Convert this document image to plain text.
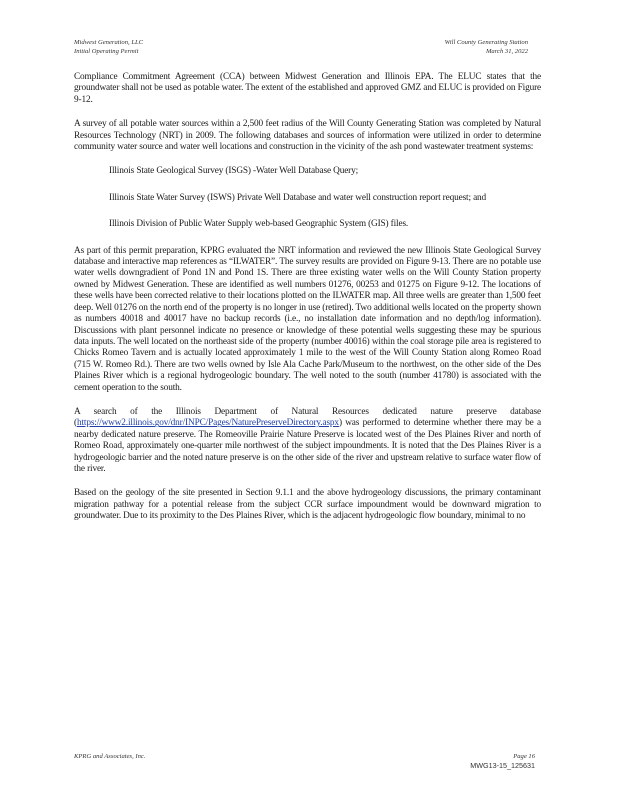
Midwest Generation, LLC
Initial Operating Permit
Will County Generating Station
March 31, 2022

Compliance Commitment Agreement (CCA) between Midwest Generation and Illinois EPA. The ELUC states that the groundwater shall not be used as potable water. The extent of the established and approved GMZ and ELUC is provided on Figure 9-12.

A survey of all potable water sources within a 2,500 feet radius of the Will County Generating Station was completed by Natural Resources Technology (NRT) in 2009. The following databases and sources of information were utilized in order to determine community water source and water well locations and construction in the vicinity of the ash pond wastewater treatment systems:

Illinois State Geological Survey (ISGS) -Water Well Database Query;
Illinois State Water Survey (ISWS) Private Well Database and water well construction report request; and
Illinois Division of Public Water Supply web-based Geographic System (GIS) files.

As part of this permit preparation, KPRG evaluated the NRT information and reviewed the new Illinois State Geological Survey database and interactive map references as “ILWATER”. The survey results are provided on Figure 9-13. There are no potable use water wells downgradient of Pond 1N and Pond 1S. There are three existing water wells on the Will County Station property owned by Midwest Generation. These are identified as well numbers 01276, 00253 and 01275 on Figure 9-12. The locations of these wells have been corrected relative to their locations plotted on the ILWATER map. All three wells are greater than 1,500 feet deep. Well 01276 on the north end of the property is no longer in use (retired). Two additional wells located on the property shown as numbers 40018 and 40017 have no backup records (i.e., no installation date information and no depth/log information). Discussions with plant personnel indicate no presence or knowledge of these potential wells suggesting these may be spurious data inputs. The well located on the northeast side of the property (number 40016) within the coal storage pile area is registered to Chicks Romeo Tavern and is actually located approximately 1 mile to the west of the Will County Station along Romeo Road (715 W. Romeo Rd.). There are two wells owned by Isle Ala Cache Park/Museum to the northwest, on the other side of the Des Plaines River which is a regional hydrogeologic boundary. The well noted to the south (number 41780) is associated with the cement operation to the south.

A search of the Illinois Department of Natural Resources dedicated nature preserve database (https://www2.illinois.gov/dnr/INPC/Pages/NaturePreserveDirectory.aspx) was performed to determine whether there may be a nearby dedicated nature preserve. The Romeoville Prairie Nature Preserve is located west of the Des Plaines River and north of Romeo Road, approximately one-quarter mile northwest of the subject impoundments. It is noted that the Des Plaines River is a hydrogeologic barrier and the noted nature preserve is on the other side of the river and upstream relative to surface water flow of the river.

Based on the geology of the site presented in Section 9.1.1 and the above hydrogeology discussions, the primary contaminant migration pathway for a potential release from the subject CCR surface impoundment would be downward migration to groundwater. Due to its proximity to the Des Plaines River, which is the adjacent hydrogeologic flow boundary, minimal to no

KPRG and Associates, Inc.	Page 16
MWG13-15_125631
